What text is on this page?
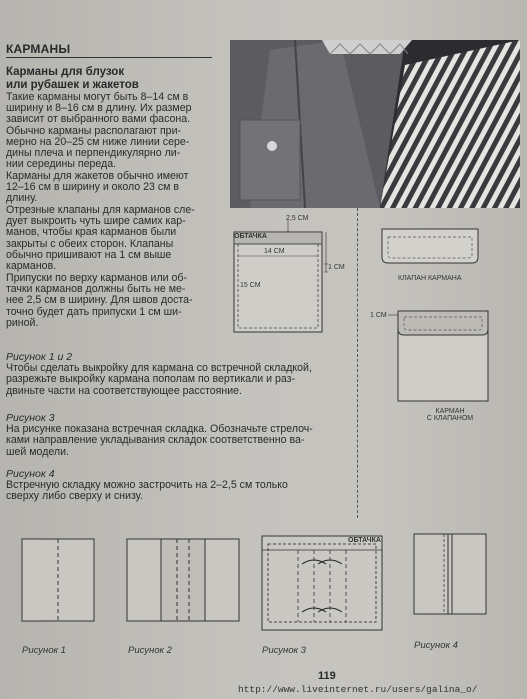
КАРМАНЫ
Карманы для блузок
или рубашек и жакетов
Такие карманы могут быть 8–14 см в
ширину и 8–16 см в длину. Их размер
зависит от выбранного вами фасона.
Обычно карманы располагают при-
мерно на 20–25 см ниже линии сере-
дины плеча и перпендикулярно ли-
нии середины переда.
Карманы для жакетов обычно имеют
12–16 см в ширину и около 23 см в
длину.
Отрезные клапаны для карманов сле-
дует выкроить чуть шире самих кар-
манов, чтобы края карманов были
закрыты с обеих сторон. Клапаны
обычно пришивают на 1 см выше
карманов.
Припуски по верху карманов или об-
тачки карманов должны быть не ме-
нее 2,5 см в ширину. Для швов доста-
точно будет дать припуски 1 см ши-
риной.
Рисунок 1 и 2
Чтобы сделать выкройку для кармана со встречной складкой,
разрежьте выкройку кармана пополам по вертикали и раз-
двиньте части на соответствующее расстояние.
Рисунок 3
На рисунке показана встречная складка. Обозначьте стрелоч-
ками направление укладывания складок соответственно ва-
шей модели.
Рисунок 4
Встречную складку можно застрочить на 2–2,5 см только
сверху либо сверху и снизу.
ОБТАЧКА
2,5 СМ
14 СМ
15 СМ
1 СМ
КЛАПАН КАРМАНА
1 СМ
КАРМАН
С КЛАПАНОМ
Рисунок 1	Рисунок 2
ОБТАЧКА
Рисунок 3	Рисунок 4
119
http://www.liveinternet.ru/users/galina_o/
